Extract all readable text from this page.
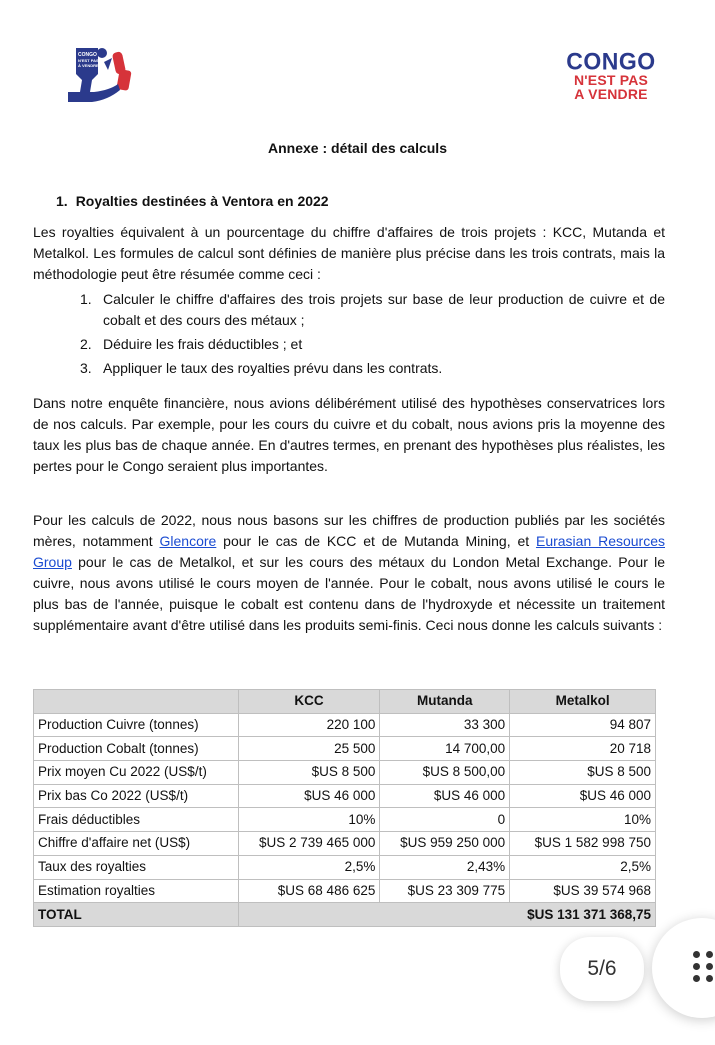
CONGO
N'EST PAS
À VENDRE	CONGO
N'EST PAS
A VENDRE
Annexe : détail des calculs
1. Royalties destinées à Ventora en 2022
Les royalties équivalent à un pourcentage du chiffre d'affaires de trois projets : KCC, Mutanda et Metalkol. Les formules de calcul sont définies de manière plus précise dans les trois contrats, mais la méthodologie peut être résumée comme ceci :
1. Calculer le chiffre d'affaires des trois projets sur base de leur production de cuivre et de cobalt et des cours des métaux ;
2. Déduire les frais déductibles ; et
3. Appliquer le taux des royalties prévu dans les contrats.
Dans notre enquête financière, nous avions délibérément utilisé des hypothèses conservatrices lors de nos calculs. Par exemple, pour les cours du cuivre et du cobalt, nous avions pris la moyenne des taux les plus bas de chaque année. En d'autres termes, en prenant des hypothèses plus réalistes, les pertes pour le Congo seraient plus importantes.
Pour les calculs de 2022, nous nous basons sur les chiffres de production publiés par les sociétés mères, notamment Glencore pour le cas de KCC et de Mutanda Mining, et Eurasian Resources Group pour le cas de Metalkol, et sur les cours des métaux du London Metal Exchange. Pour le cuivre, nous avons utilisé le cours moyen de l'année. Pour le cobalt, nous avons utilisé le cours le plus bas de l'année, puisque le cobalt est contenu dans de l'hydroxyde et nécessite un traitement supplémentaire avant d'être utilisé dans les produits semi-finis. Ceci nous donne les calculs suivants :
	KCC	Mutanda	Metalkol
Production Cuivre (tonnes)	220 100	33 300	94 807
Production Cobalt (tonnes)	25 500	14 700,00	20 718
Prix moyen Cu 2022 (US$/t)	$US 8 500	$US 8 500,00	$US 8 500
Prix bas Co 2022 (US$/t)	$US 46 000	$US 46 000	$US 46 000
Frais déductibles	10%	0	10%
Chiffre d'affaire net (US$)	$US 2 739 465 000	$US 959 250 000	$US 1 582 998 750
Taux des royalties	2,5%	2,43%	2,5%
Estimation royalties	$US 68 486 625	$US 23 309 775	$US 39 574 968
TOTAL	$US 131 371 368,75		
5/6
